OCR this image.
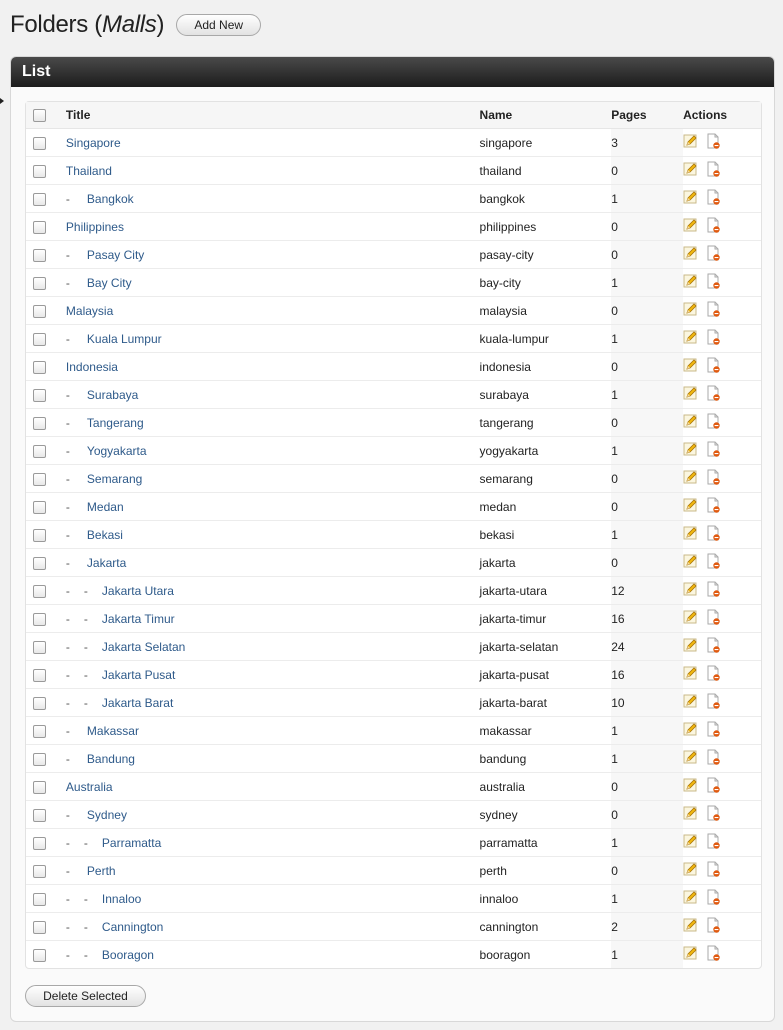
Folders (Malls)	Add New
List
	Title	Name	Pages	Actions
	Singapore	singapore	3	
	Thailand	thailand	0	
	- Bangkok	bangkok	1	
	Philippines	philippines	0	
	- Pasay City	pasay-city	0	
	- Bay City	bay-city	1	
	Malaysia	malaysia	0	
	- Kuala Lumpur	kuala-lumpur	1	
	Indonesia	indonesia	0	
	- Surabaya	surabaya	1	
	- Tangerang	tangerang	0	
	- Yogyakarta	yogyakarta	1	
	- Semarang	semarang	0	
	- Medan	medan	0	
	- Bekasi	bekasi	1	
	- Jakarta	jakarta	0	
	- - Jakarta Utara	jakarta-utara	12	
	- - Jakarta Timur	jakarta-timur	16	
	- - Jakarta Selatan	jakarta-selatan	24	
	- - Jakarta Pusat	jakarta-pusat	16	
	- - Jakarta Barat	jakarta-barat	10	
	- Makassar	makassar	1	
	- Bandung	bandung	1	
	Australia	australia	0	
	- Sydney	sydney	0	
	- - Parramatta	parramatta	1	
	- Perth	perth	0	
	- - Innaloo	innaloo	1	
	- - Cannington	cannington	2	
	- - Booragon	booragon	1	
Delete Selected
